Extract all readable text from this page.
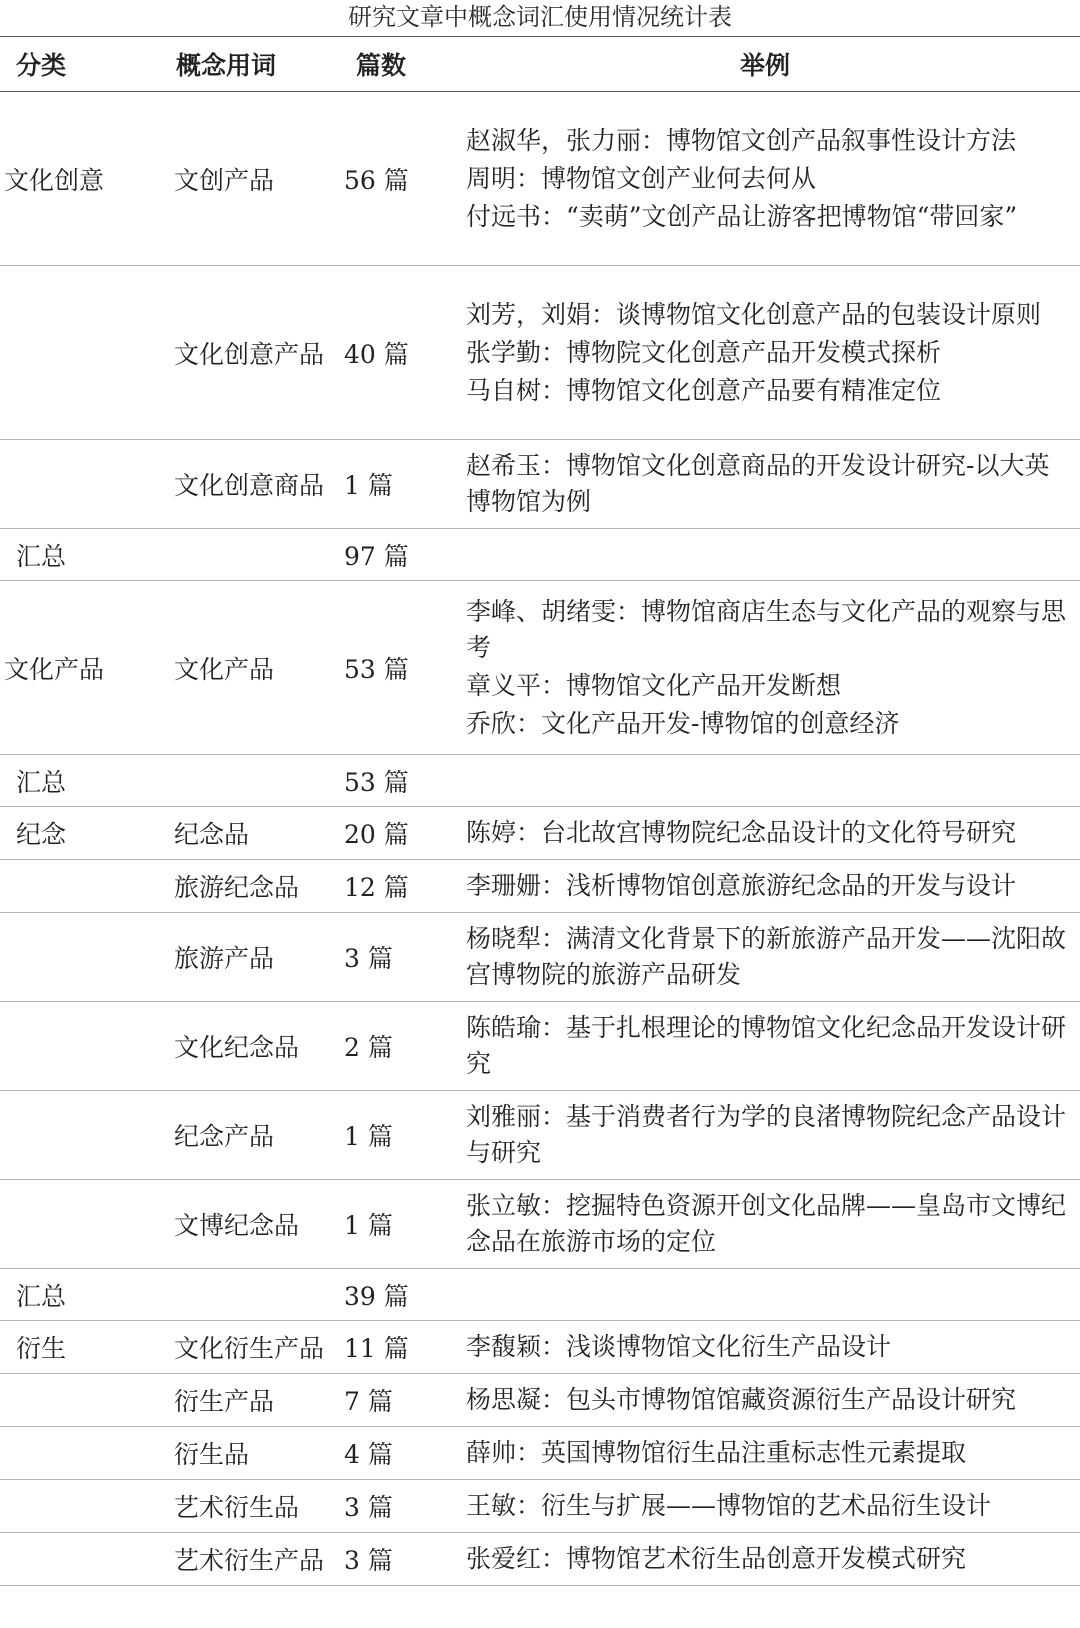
研究文章中概念词汇使用情况统计表
分类	概念用词	篇数	举例
文化创意	文创产品	56 篇	赵淑华，张力丽：博物馆文创产品叙事性设计方法
周明：博物馆文创产业何去何从
付远书：“卖萌”文创产品让游客把博物馆“带回家”

	文化创意产品	40 篇	刘芳，刘娟：谈博物馆文化创意产品的包装设计原则
张学勤：博物院文化创意产品开发模式探析
马自树：博物馆文化创意产品要有精准定位

	文化创意商品	1 篇	赵希玉：博物馆文化创意商品的开发设计研究-以大英博物馆为例

汇总		97 篇	
文化产品	文化产品	53 篇	李峰、胡绪雯：博物馆商店生态与文化产品的观察与思考
章义平：博物馆文化产品开发断想
乔欣：文化产品开发-博物馆的创意经济

汇总		53 篇	
纪念	纪念品	20 篇	陈婷：台北故宫博物院纪念品设计的文化符号研究

	旅游纪念品	12 篇	李珊姗：浅析博物馆创意旅游纪念品的开发与设计

	旅游产品	3 篇	杨晓犁：满清文化背景下的新旅游产品开发——沈阳故宫博物院的旅游产品研发

	文化纪念品	2 篇	陈皓瑜：基于扎根理论的博物馆文化纪念品开发设计研究

	纪念产品	1 篇	刘雅丽：基于消费者行为学的良渚博物院纪念产品设计与研究

	文博纪念品	1 篇	张立敏：挖掘特色资源开创文化品牌——皇岛市文博纪念品在旅游市场的定位

汇总		39 篇	
衍生	文化衍生产品	11 篇	李馥颖：浅谈博物馆文化衍生产品设计

	衍生产品	7 篇	杨思凝：包头市博物馆馆藏资源衍生产品设计研究

	衍生品	4 篇	薛帅：英国博物馆衍生品注重标志性元素提取

	艺术衍生品	3 篇	王敏：衍生与扩展——博物馆的艺术品衍生设计

	艺术衍生产品	3 篇	张爱红：博物馆艺术衍生品创意开发模式研究
